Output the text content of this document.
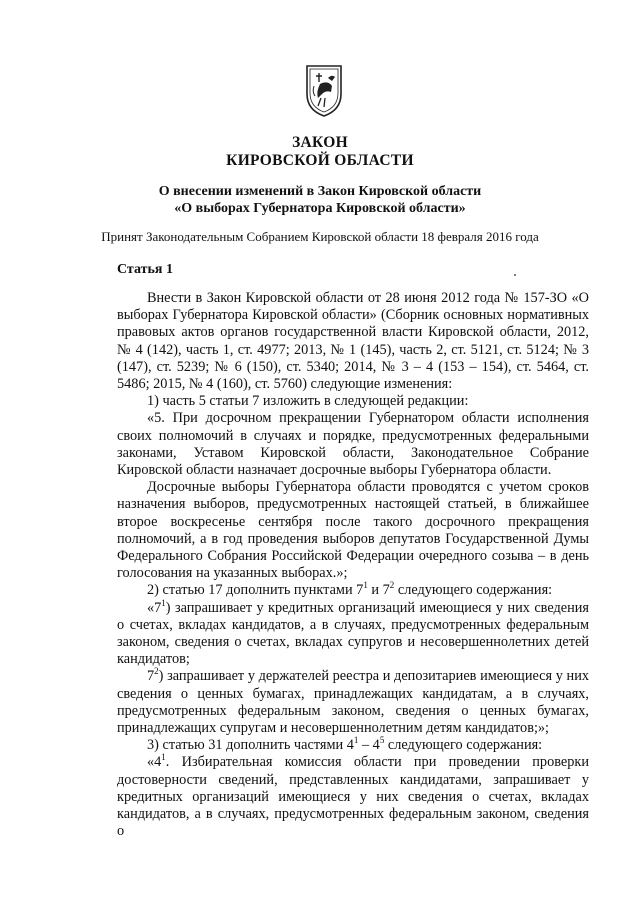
ЗАКОН
КИРОВСКОЙ ОБЛАСТИ
О внесении изменений в Закон Кировской области
«О выборах Губернатора Кировской области»
Принят Законодательным Собранием Кировской области 18 февраля 2016 года
Статья 1

Внести в Закон Кировской области от 28 июня 2012 года № 157-ЗО «О выборах Губернатора Кировской области» (Сборник основных нормативных правовых актов органов государственной власти Кировской области, 2012, № 4 (142), часть 1, ст. 4977; 2013, № 1 (145), часть 2, ст. 5121, ст. 5124; № 3 (147), ст. 5239; № 6 (150), ст. 5340; 2014, № 3 – 4 (153 – 154), ст. 5464, ст. 5486; 2015, № 4 (160), ст. 5760) следующие изменения:

1) часть 5 статьи 7 изложить в следующей редакции:

«5. При досрочном прекращении Губернатором области исполнения своих полномочий в случаях и порядке, предусмотренных федеральными законами, Уставом Кировской области, Законодательное Собрание Кировской области назначает досрочные выборы Губернатора области.

Досрочные выборы Губернатора области проводятся с учетом сроков назначения выборов, предусмотренных настоящей статьей, в ближайшее второе воскресенье сентября после такого досрочного прекращения полномочий, а в год проведения выборов депутатов Государственной Думы Федерального Собрания Российской Федерации очередного созыва – в день голосования на указанных выборах.»;

2) статью 17 дополнить пунктами $7^1$ и $7^2$ следующего содержания:

«$7^1$) запрашивает у кредитных организаций имеющиеся у них сведения о счетах, вкладах кандидатов, а в случаях, предусмотренных федеральным законом, сведения о счетах, вкладах супругов и несовершеннолетних детей кандидатов;

$7^2$) запрашивает у держателей реестра и депозитариев имеющиеся у них сведения о ценных бумагах, принадлежащих кандидатам, а в случаях, предусмотренных федеральным законом, сведения о ценных бумагах, принадлежащих супругам и несовершеннолетним детям кандидатов;»;

3) статью 31 дополнить частями $4^1 - 4^5$ следующего содержания:

«$4^1$. Избирательная комиссия области при проведении проверки достоверности сведений, представленных кандидатами, запрашивает у кредитных организаций имеющиеся у них сведения о счетах, вкладах кандидатов, а в случаях, предусмотренных федеральным законом, сведения о
